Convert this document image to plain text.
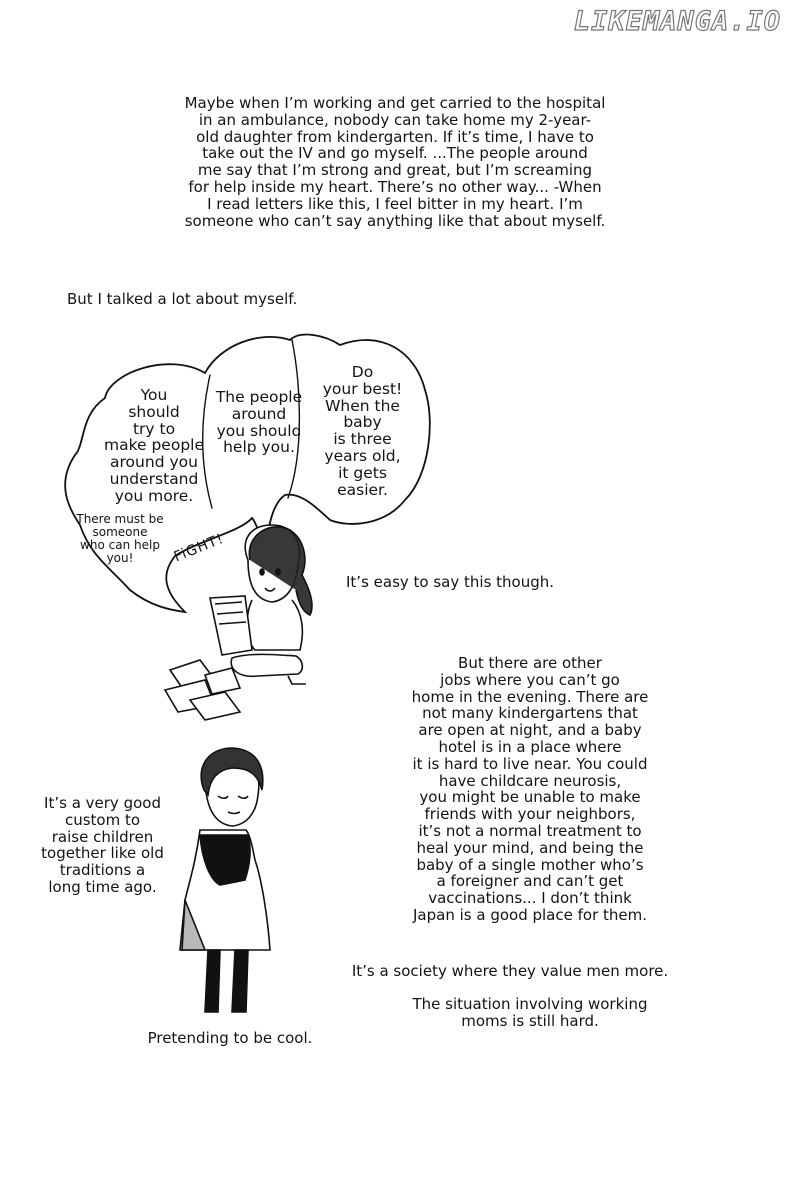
LIKEMANGA.IO

Maybe when I’m working and get carried to the hospital
in an ambulance, nobody can take home my 2-year-
old daughter from kindergarten. If it’s time, I have to
take out the IV and go myself. ...The people around
me say that I’m strong and great, but I’m screaming
for help inside my heart. There’s no other way... -When
I read letters like this, I feel bitter in my heart. I’m
someone who can’t say anything like that about myself.

But I talked a lot about myself.

You
should
try to
make people
around you
understand
you more.

The people
around
you should
help you.

Do
your best!
When the
baby
is three
years old,
it gets
easier.

There must be
someone
who can help
you!	FiGHT!

It’s easy to say this though.

But there are other
jobs where you can’t go
home in the evening. There are
not many kindergartens that
are open at night, and a baby
hotel is in a place where
it is hard to live near. You could
have childcare neurosis,
you might be unable to make
friends with your neighbors,
it’s not a normal treatment to
heal your mind, and being the
baby of a single mother who’s
a foreigner and can’t get
vaccinations... I don’t think
Japan is a good place for them.

It’s a very good
custom to
raise children
together like old
traditions a
long time ago.

It’s a society where they value men more.

The situation involving working
moms is still hard.

Pretending to be cool.
